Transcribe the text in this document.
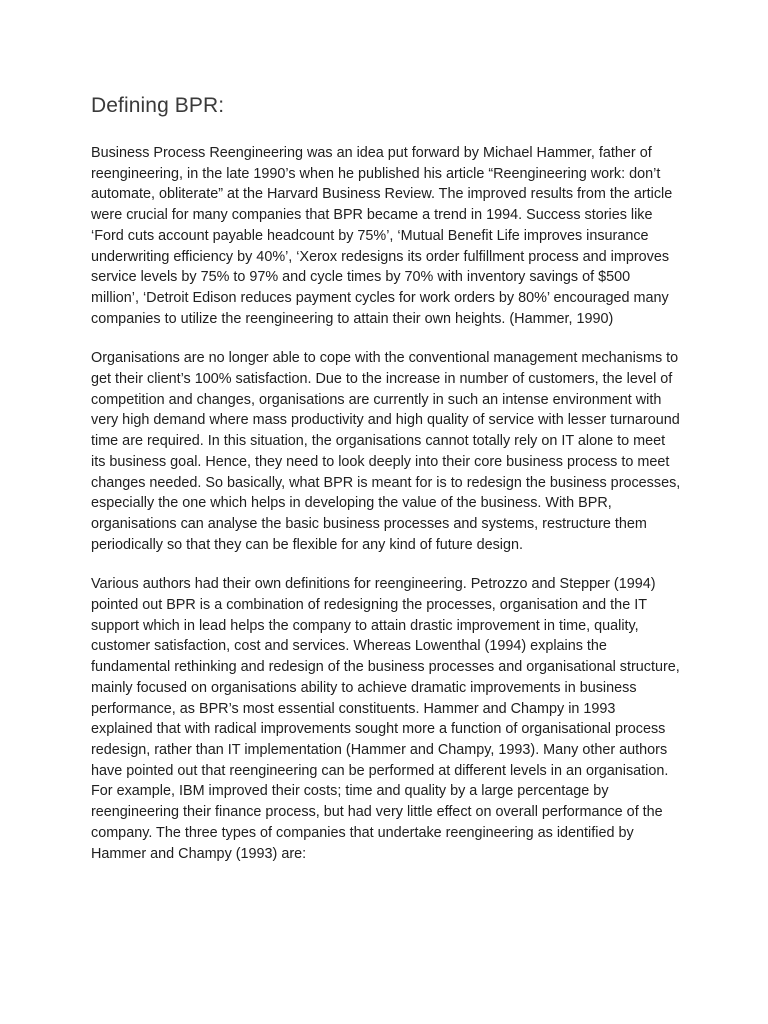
Defining BPR:

Business Process Reengineering was an idea put forward by Michael Hammer, father of reengineering, in the late 1990’s when he published his article “Reengineering work: don’t automate, obliterate” at the Harvard Business Review. The improved results from the article were crucial for many companies that BPR became a trend in 1994. Success stories like ‘Ford cuts account payable headcount by 75%’, ‘Mutual Benefit Life improves insurance underwriting efficiency by 40%’, ‘Xerox redesigns its order fulfillment process and improves service levels by 75% to 97% and cycle times by 70% with inventory savings of $500 million’, ‘Detroit Edison reduces payment cycles for work orders by 80%’ encouraged many companies to utilize the reengineering to attain their own heights. (Hammer, 1990)

Organisations are no longer able to cope with the conventional management mechanisms to get their client’s 100% satisfaction. Due to the increase in number of customers, the level of competition and changes, organisations are currently in such an intense environment with very high demand where mass productivity and high quality of service with lesser turnaround time are required. In this situation, the organisations cannot totally rely on IT alone to meet its business goal. Hence, they need to look deeply into their core business process to meet changes needed. So basically, what BPR is meant for is to redesign the business processes, especially the one which helps in developing the value of the business. With BPR, organisations can analyse the basic business processes and systems, restructure them periodically so that they can be flexible for any kind of future design.

Various authors had their own definitions for reengineering. Petrozzo and Stepper (1994) pointed out BPR is a combination of redesigning the processes, organisation and the IT support which in lead helps the company to attain drastic improvement in time, quality, customer satisfaction, cost and services. Whereas Lowenthal (1994) explains the fundamental rethinking and redesign of the business processes and organisational structure, mainly focused on organisations ability to achieve dramatic improvements in business performance, as BPR’s most essential constituents. Hammer and Champy in 1993 explained that with radical improvements sought more a function of organisational process redesign, rather than IT implementation (Hammer and Champy, 1993). Many other authors have pointed out that reengineering can be performed at different levels in an organisation. For example, IBM improved their costs; time and quality by a large percentage by reengineering their finance process, but had very little effect on overall performance of the company. The three types of companies that undertake reengineering as identified by Hammer and Champy (1993) are:
